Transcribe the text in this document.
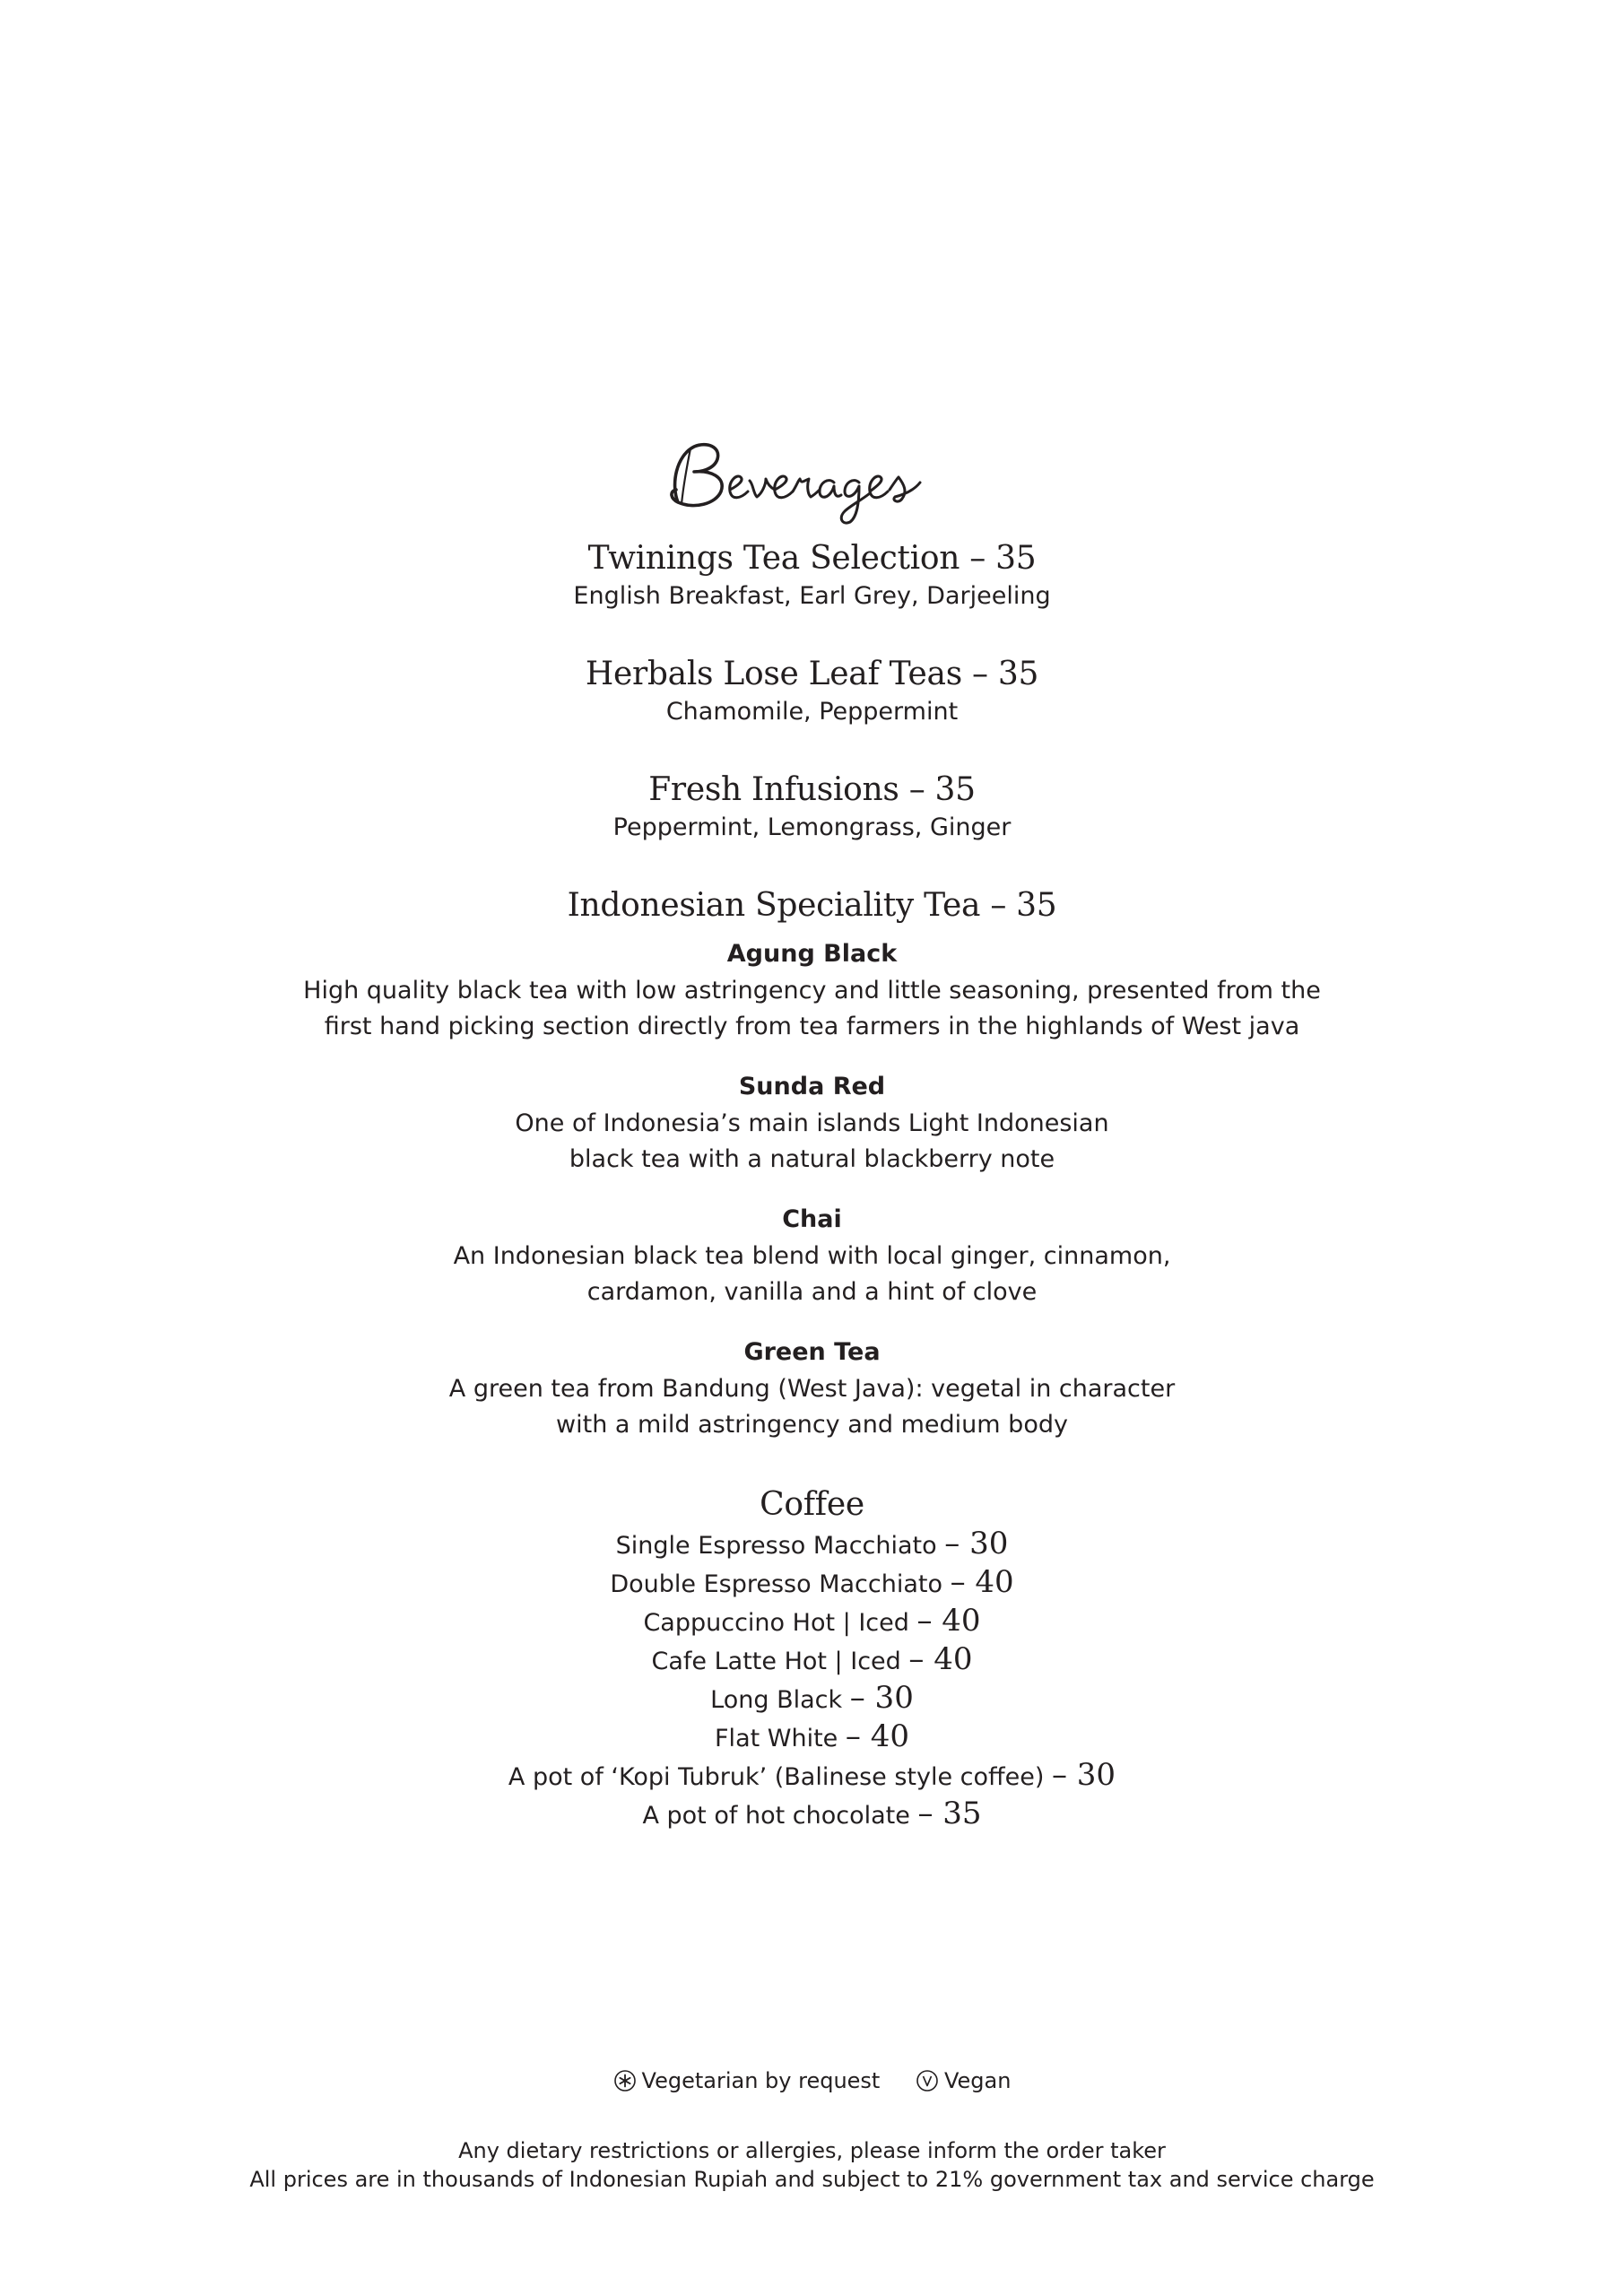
Twinings Tea Selection – 35

English Breakfast, Earl Grey, Darjeeling

Herbals Lose Leaf Teas – 35

Chamomile, Peppermint

Fresh Infusions – 35

Peppermint, Lemongrass, Ginger

Indonesian Speciality Tea – 35

Agung Black

High quality black tea with low astringency and little seasoning, presented from the

first hand picking section directly from tea farmers in the highlands of West java

Sunda Red

One of Indonesia’s main islands Light Indonesian

black tea with a natural blackberry note

Chai

An Indonesian black tea blend with local ginger, cinnamon,

cardamon, vanilla and a hint of clove

Green Tea

A green tea from Bandung (West Java): vegetal in character

with a mild astringency and medium body

Coffee

Single Espresso Macchiato – 30

Double Espresso Macchiato – 40

Cappuccino Hot | Iced – 40

Cafe Latte Hot | Iced – 40

Long Black – 30

Flat White – 40

A pot of ‘Kopi Tubruk’ (Balinese style coffee) – 30

A pot of hot chocolate – 35

Vegetarian by request
	Vegan

Any dietary restrictions or allergies, please inform the order taker

All prices are in thousands of Indonesian Rupiah and subject to 21% government tax and service charge
